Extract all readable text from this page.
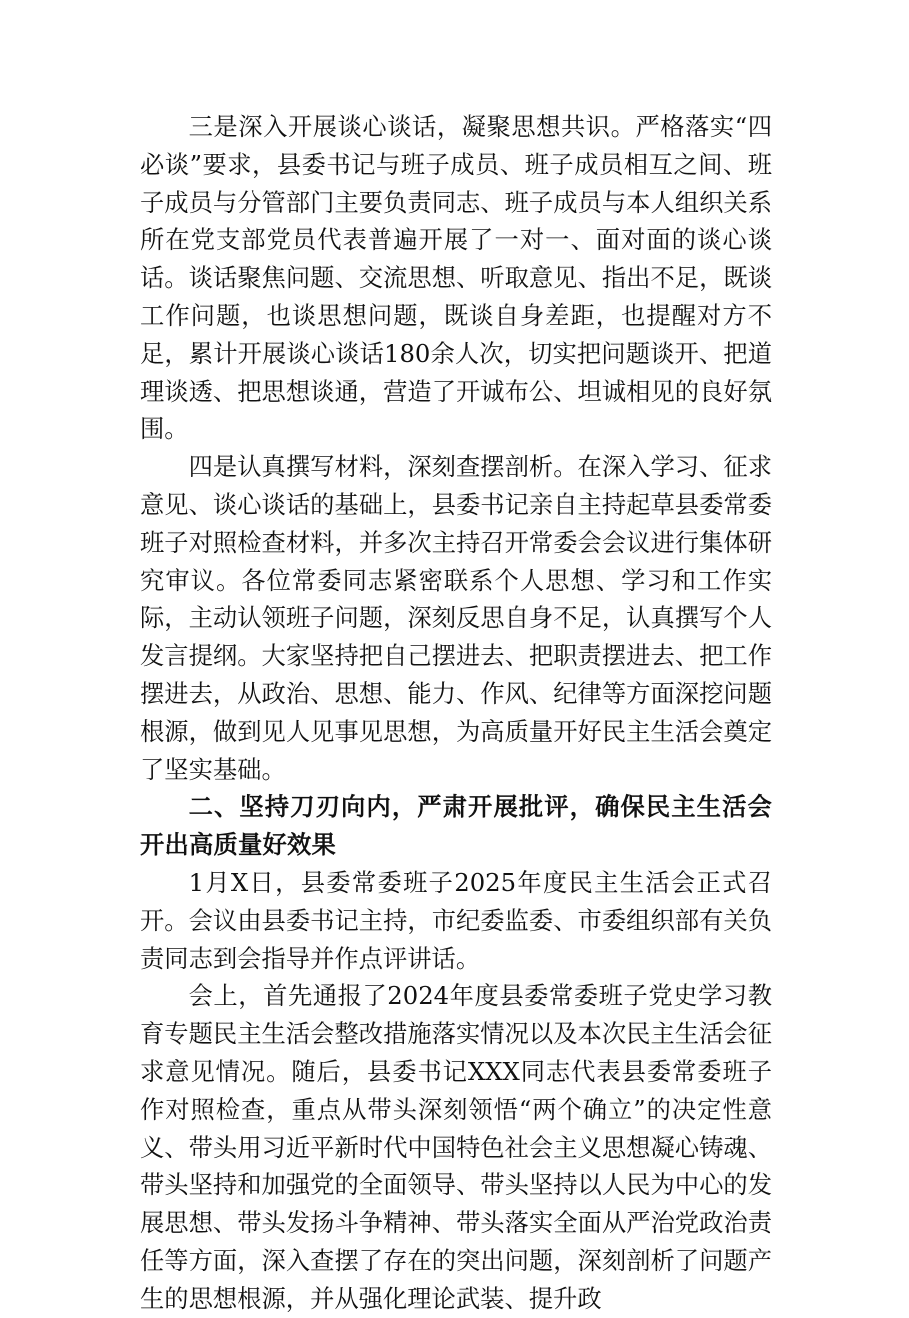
三是深入开展谈心谈话，凝聚思想共识。严格落实“四必谈”要求，县委书记与班子成员、班子成员相互之间、班子成员与分管部门主要负责同志、班子成员与本人组织关系所在党支部党员代表普遍开展了一对一、面对面的谈心谈话。谈话聚焦问题、交流思想、听取意见、指出不足，既谈工作问题，也谈思想问题，既谈自身差距，也提醒对方不足，累计开展谈心谈话180余人次，切实把问题谈开、把道理谈透、把思想谈通，营造了开诚布公、坦诚相见的良好氛围。

四是认真撰写材料，深刻查摆剖析。在深入学习、征求意见、谈心谈话的基础上，县委书记亲自主持起草县委常委班子对照检查材料，并多次主持召开常委会会议进行集体研究审议。各位常委同志紧密联系个人思想、学习和工作实际，主动认领班子问题，深刻反思自身不足，认真撰写个人发言提纲。大家坚持把自己摆进去、把职责摆进去、把工作摆进去，从政治、思想、能力、作风、纪律等方面深挖问题根源，做到见人见事见思想，为高质量开好民主生活会奠定了坚实基础。

二、坚持刀刃向内，严肃开展批评，确保民主生活会开出高质量好效果

1月X日，县委常委班子2025年度民主生活会正式召开。会议由县委书记主持，市纪委监委、市委组织部有关负责同志到会指导并作点评讲话。

会上，首先通报了2024年度县委常委班子党史学习教育专题民主生活会整改措施落实情况以及本次民主生活会征求意见情况。随后，县委书记XXX同志代表县委常委班子作对照检查，重点从带头深刻领悟“两个确立”的决定性意义、带头用习近平新时代中国特色社会主义思想凝心铸魂、带头坚持和加强党的全面领导、带头坚持以人民为中心的发展思想、带头发扬斗争精神、带头落实全面从严治党政治责任等方面，深入查摆了存在的突出问题，深刻剖析了问题产生的思想根源，并从强化理论武装、提升政
